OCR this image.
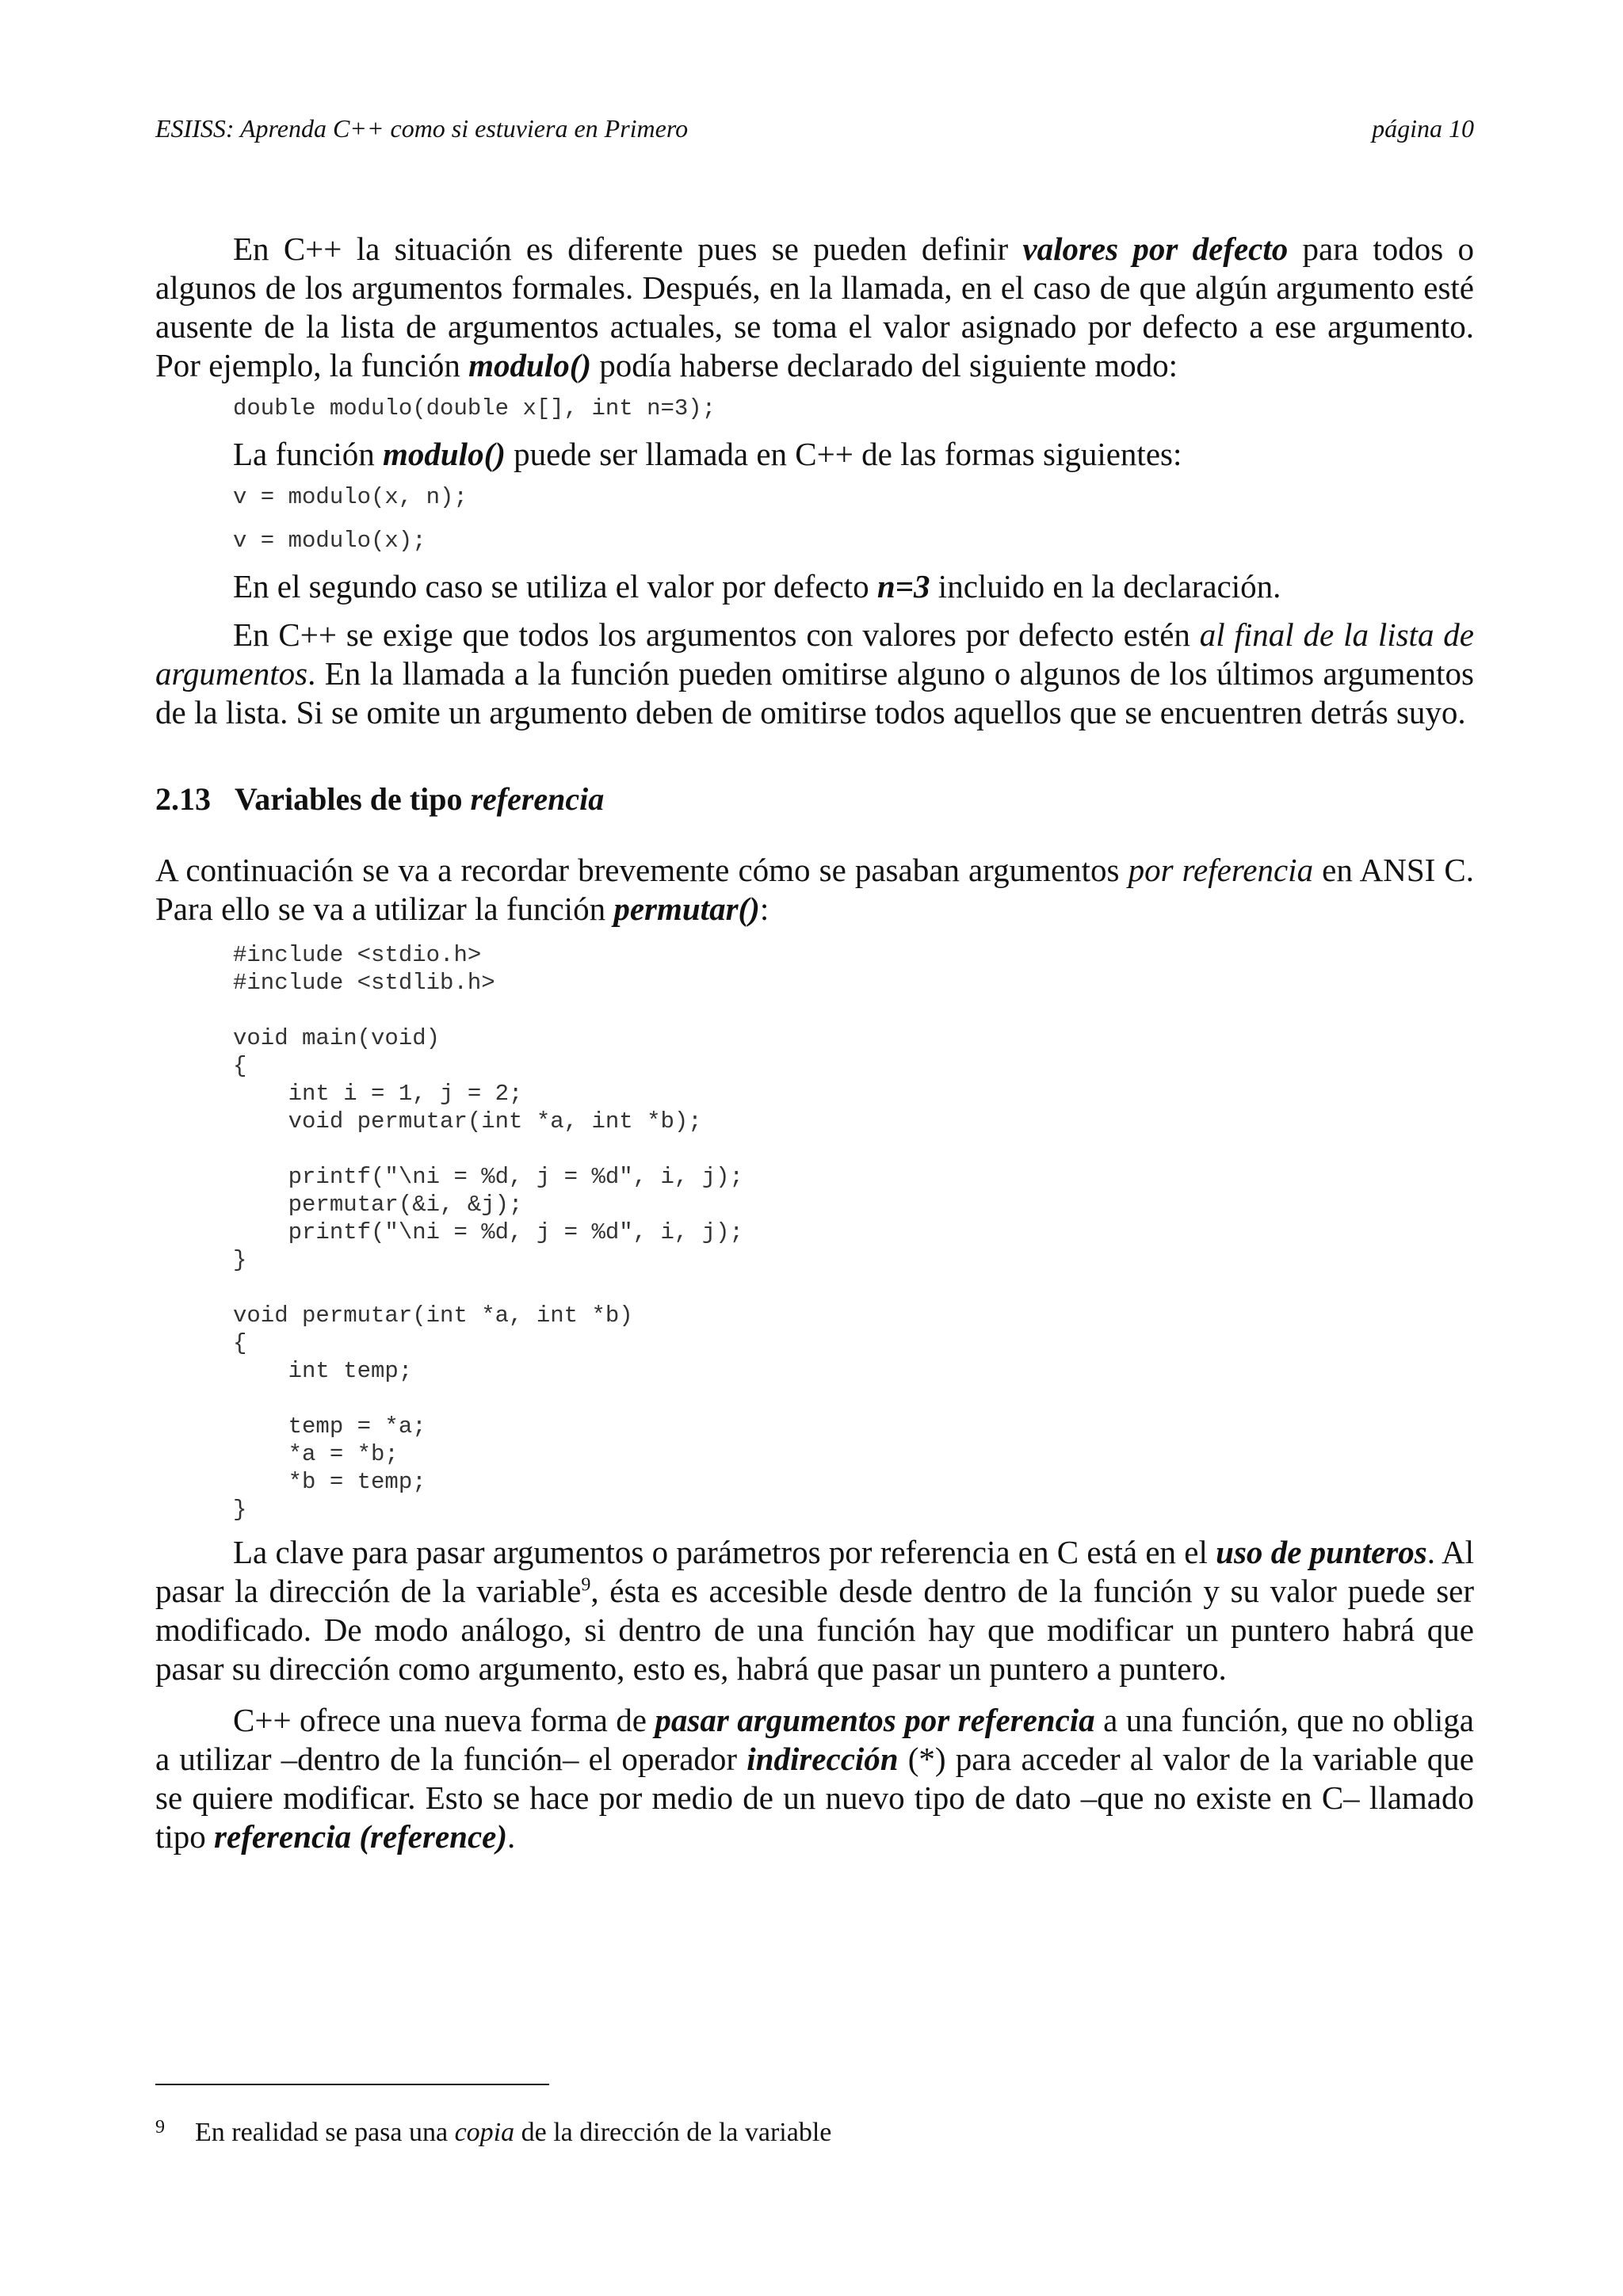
ESIISS: Aprenda C++ como si estuviera en Primero	página 10

En C++ la situación es diferente pues se pueden definir valores por defecto para todos o algunos de los argumentos formales. Después, en la llamada, en el caso de que algún argumento esté ausente de la lista de argumentos actuales, se toma el valor asignado por defecto a ese argumento. Por ejemplo, la función modulo() podía haberse declarado del siguiente modo:

double modulo(double x[], int n=3);

La función modulo() puede ser llamada en C++ de las formas siguientes:

v = modulo(x, n);
v = modulo(x);

En el segundo caso se utiliza el valor por defecto n=3 incluido en la declaración.

En C++ se exige que todos los argumentos con valores por defecto estén al final de la lista de argumentos. En la llamada a la función pueden omitirse alguno o algunos de los últimos argumentos de la lista. Si se omite un argumento deben de omitirse todos aquellos que se encuentren detrás suyo.

2.13 Variables de tipo referencia

A continuación se va a recordar brevemente cómo se pasaban argumentos por referencia en ANSI C. Para ello se va a utilizar la función permutar():

#include <stdio.h>
#include <stdlib.h>

void main(void)
{
int i = 1, j = 2;
void permutar(int *a, int *b);

printf("\ni = %d, j = %d", i, j);
permutar(&i, &j);
printf("\ni = %d, j = %d", i, j);
}

void permutar(int *a, int *b)
{
int temp;

temp = *a;
*a = *b;
*b = temp;
}

La clave para pasar argumentos o parámetros por referencia en C está en el uso de punteros. Al pasar la dirección de la variable$^9$, ésta es accesible desde dentro de la función y su valor puede ser modificado. De modo análogo, si dentro de una función hay que modificar un puntero habrá que pasar su dirección como argumento, esto es, habrá que pasar un puntero a puntero.

C++ ofrece una nueva forma de pasar argumentos por referencia a una función, que no obliga a utilizar –dentro de la función– el operador indirección (*) para acceder al valor de la variable que se quiere modificar. Esto se hace por medio de un nuevo tipo de dato –que no existe en C– llamado tipo referencia (reference).

9 En realidad se pasa una copia de la dirección de la variable
